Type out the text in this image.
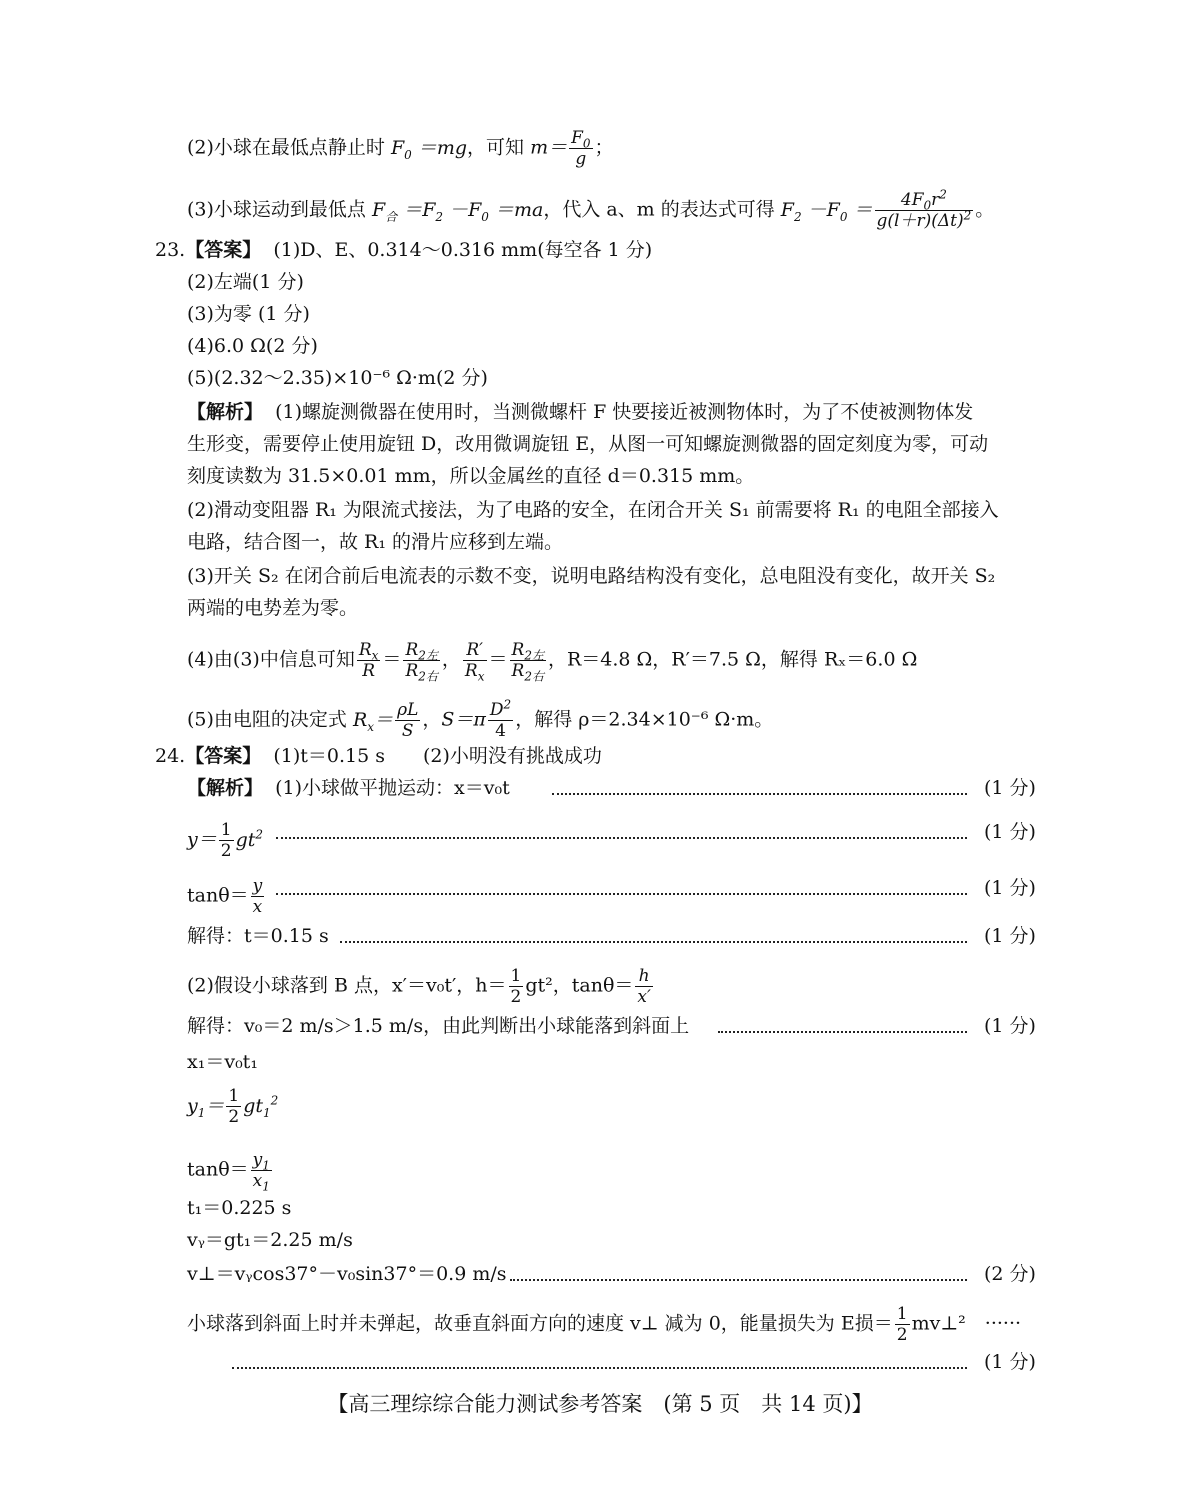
(2)小球在最低点静止时 $F_0 =mg$，可知 $m= \frac{F_0}{g}$ ；
(3)小球运动到最低点 $F_合 =F_2 -F_0 =ma$，代入 a、m 的表达式可得 $F_2 -F_0 = \frac{4F_0r^2}{g(l+r)(\Delta t)^2}$ 。
23.【答案】 (1)D、E、0.314～0.316 mm(每空各 1 分)
(2)左端(1 分)
(3)为零 (1 分)
(4)6.0 Ω(2 分)
(5)(2.32～2.35)×10⁻⁶ Ω·m(2 分)
【解析】 (1)螺旋测微器在使用时，当测微螺杆 F 快要接近被测物体时，为了不使被测物体发
生形变，需要停止使用旋钮 D，改用微调旋钮 E，从图一可知螺旋测微器的固定刻度为零，可动
刻度读数为 31.5×0.01 mm，所以金属丝的直径 d＝0.315 mm。
(2)滑动变阻器 R₁ 为限流式接法，为了电路的安全，在闭合开关 S₁ 前需要将 R₁ 的电阻全部接入
电路，结合图一，故 R₁ 的滑片应移到左端。
(3)开关 S₂ 在闭合前后电流表的示数不变，说明电路结构没有变化，总电阻没有变化，故开关 S₂
两端的电势差为零。
(4)由(3)中信息可知 $\frac{R_x}{R} = \frac{R_{2左}}{R_{2右}}$ ， $\frac{R'}{R_x} = \frac{R_{2左}}{R_{2右}}$ ，R＝4.8 Ω，R′＝7.5 Ω，解得 Rₓ＝6.0 Ω
(5)由电阻的决定式 $R_x= \frac{\rho L}{S}$ ，$S=\pi \frac{D^2}{4}$ ，解得 ρ＝2.34×10⁻⁶ Ω·m。
24.【答案】 (1)t＝0.15 s　　(2)小明没有挑战成功
【解析】 (1)小球做平抛运动：x＝v₀t	(1 分)
$y= \frac{1}{2} gt^2$	(1 分)
$\tan\theta= \frac{y}{x}$	(1 分)
解得：t＝0.15 s	(1 分)
(2)假设小球落到 B 点，x′＝v₀t′，$h= \frac{1}{2} gt^2$，$\tan\theta= \frac{h}{x'}$
解得：v₀＝2 m/s＞1.5 m/s，由此判断出小球能落到斜面上	(1 分)
x₁＝v₀t₁
$y_1= \frac{1}{2} gt_1^2$
$\tan\theta= \frac{y_1}{x_1}$
t₁＝0.225 s
vᵧ＝gt₁＝2.25 m/s
v⊥＝vᵧcos37°－v₀sin37°＝0.9 m/s	(2 分)
小球落到斜面上时并未弹起，故垂直斜面方向的速度 v⊥ 减为 0，能量损失为 E损＝ $\frac{1}{2}$ mv⊥²　······
(1 分)
【高三理综综合能力测试参考答案　(第 5 页　共 14 页)】
